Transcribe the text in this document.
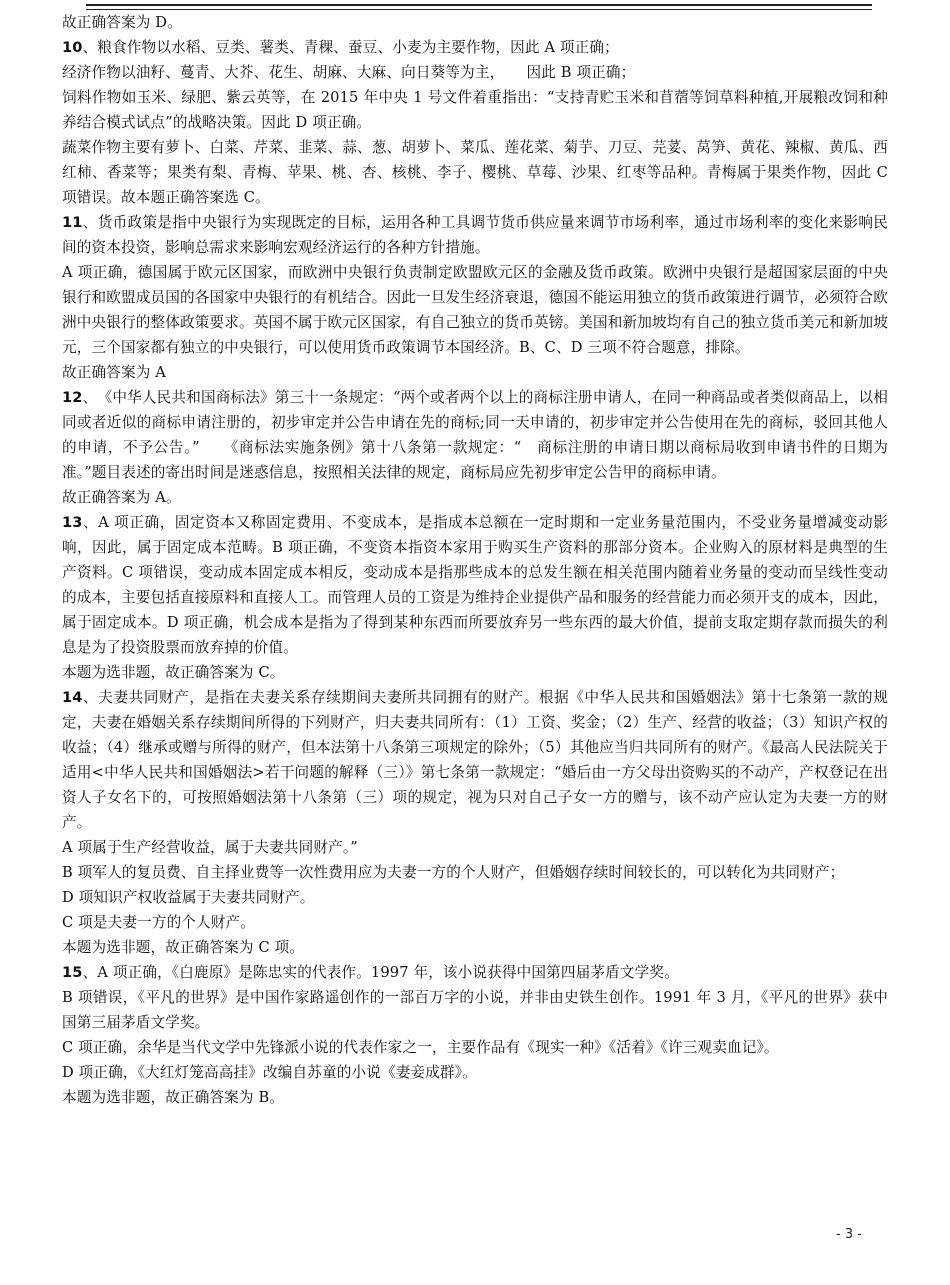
故正确答案为 D。

10、粮食作物以水稻、豆类、薯类、青稞、蚕豆、小麦为主要作物，因此 A 项正确；

经济作物以油籽、蔓青、大芥、花生、胡麻、大麻、向日葵等为主，　　因此 B 项正确；

饲料作物如玉米、绿肥、紫云英等，在 2015 年中央 1 号文件着重指出：“支持青贮玉米和苜蓿等饲草料种植,开展粮改饲和种养结合模式试点”的战略决策。因此 D 项正确。

蔬菜作物主要有萝卜、白菜、芹菜、韭菜、蒜、葱、胡萝卜、菜瓜、莲花菜、菊芋、刀豆、芫荽、莴笋、黄花、辣椒、黄瓜、西红柿、香菜等；果类有梨、青梅、苹果、桃、杏、核桃、李子、樱桃、草莓、沙果、红枣等品种。青梅属于果类作物，因此 C 项错误。故本题正确答案选 C。

11、货币政策是指中央银行为实现既定的目标，运用各种工具调节货币供应量来调节市场利率，通过市场利率的变化来影响民间的资本投资，影响总需求来影响宏观经济运行的各种方针措施。

A 项正确，德国属于欧元区国家，而欧洲中央银行负责制定欧盟欧元区的金融及货币政策。欧洲中央银行是超国家层面的中央银行和欧盟成员国的各国家中央银行的有机结合。因此一旦发生经济衰退，德国不能运用独立的货币政策进行调节，必须符合欧洲中央银行的整体政策要求。英国不属于欧元区国家，有自己独立的货币英镑。美国和新加坡均有自己的独立货币美元和新加坡元，三个国家都有独立的中央银行，可以使用货币政策调节本国经济。B、C、D 三项不符合题意，排除。

故正确答案为 A

12、　《中华人民共和国商标法》第三十一条规定：“两个或者两个以上的商标注册申请人，在同一种商品或者类似商品上，以相同或者近似的商标申请注册的，初步审定并公告申请在先的商标;同一天申请的，初步审定并公告使用在先的商标，驳回其他人的申请，不予公告。”　　《商标法实施条例》第十八条第一款规定：“　商标注册的申请日期以商标局收到申请书件的日期为准。”题目表述的寄出时间是迷惑信息，按照相关法律的规定，商标局应先初步审定公告甲的商标申请。

故正确答案为 A。

13、A 项正确，固定资本又称固定费用、不变成本，是指成本总额在一定时期和一定业务量范围内，不受业务量增减变动影响，因此，属于固定成本范畴。B 项正确，不变资本指资本家用于购买生产资料的那部分资本。企业购入的原材料是典型的生产资料。C 项错误，变动成本固定成本相反，变动成本是指那些成本的总发生额在相关范围内随着业务量的变动而呈线性变动的成本，主要包括直接原料和直接人工。而管理人员的工资是为维持企业提供产品和服务的经营能力而必须开支的成本，因此，属于固定成本。D 项正确，机会成本是指为了得到某种东西而所要放弃另一些东西的最大价值，提前支取定期存款而损失的利息是为了投资股票而放弃掉的价值。

本题为选非题，故正确答案为 C。

14、夫妻共同财产，是指在夫妻关系存续期间夫妻所共同拥有的财产。根据《中华人民共和国婚姻法》第十七条第一款的规定，夫妻在婚姻关系存续期间所得的下列财产，归夫妻共同所有：（1）工资、奖金；（2）生产、经营的收益；（3）知识产权的收益；（4）继承或赠与所得的财产，但本法第十八条第三项规定的除外；（5）其他应当归共同所有的财产。《最高人民法院关于适用<中华人民共和国婚姻法>若干问题的解释（三）》第七条第一款规定：“婚后由一方父母出资购买的不动产，产权登记在出资人子女名下的，可按照婚姻法第十八条第（三）项的规定，视为只对自己子女一方的赠与，该不动产应认定为夫妻一方的财产。

A 项属于生产经营收益，属于夫妻共同财产。”

B 项军人的复员费、自主择业费等一次性费用应为夫妻一方的个人财产，但婚姻存续时间较长的，可以转化为共同财产；

D 项知识产权收益属于夫妻共同财产。

C 项是夫妻一方的个人财产。

本题为选非题，故正确答案为 C 项。

15、A 项正确，《白鹿原》是陈忠实的代表作。1997 年，该小说获得中国第四届茅盾文学奖。

B 项错误，《平凡的世界》是中国作家路遥创作的一部百万字的小说，并非由史铁生创作。1991 年 3 月，《平凡的世界》获中国第三届茅盾文学奖。

C 项正确，余华是当代文学中先锋派小说的代表作家之一，主要作品有《现实一种》《活着》《许三观卖血记》。

D 项正确，《大红灯笼高高挂》改编自苏童的小说《妻妾成群》。

本题为选非题，故正确答案为 B。

- 3 -
